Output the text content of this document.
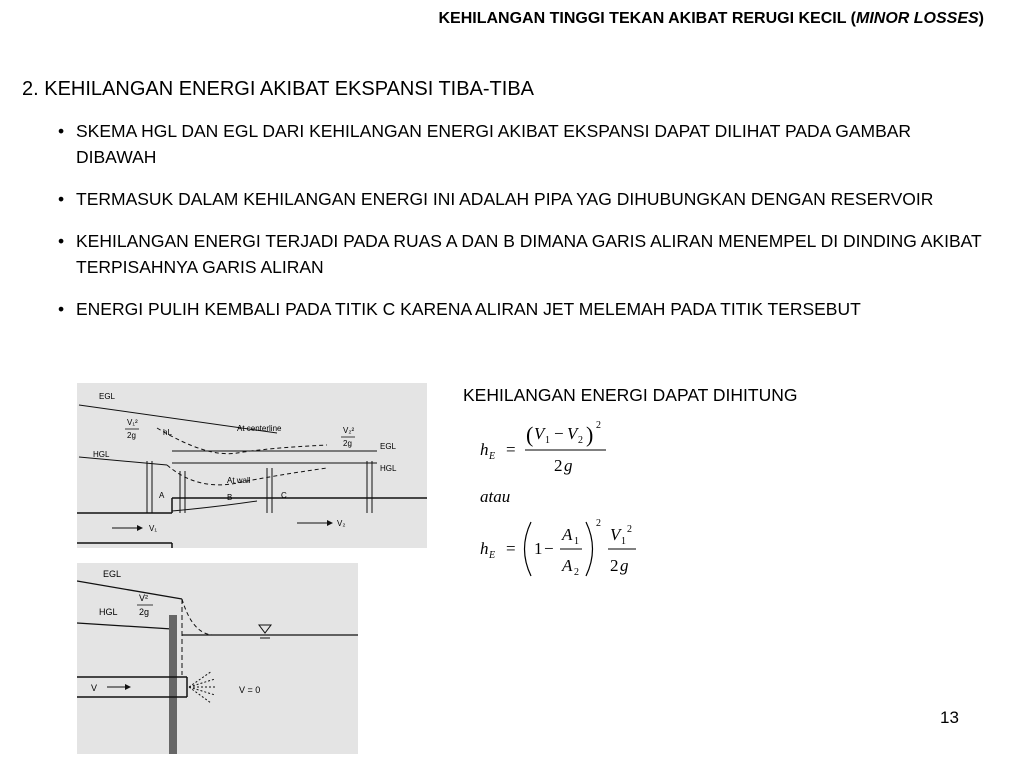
KEHILANGAN TINGGI TEKAN AKIBAT RERUGI KECIL (MINOR LOSSES)
2. KEHILANGAN ENERGI AKIBAT EKSPANSI TIBA-TIBA
• SKEMA HGL DAN EGL DARI KEHILANGAN ENERGI AKIBAT EKSPANSI DAPAT DILIHAT PADA GAMBAR DIBAWAH
• TERMASUK DALAM KEHILANGAN ENERGI INI ADALAH PIPA YAG DIHUBUNGKAN DENGAN RESERVOIR
• KEHILANGAN ENERGI TERJADI PADA RUAS A DAN B DIMANA GARIS ALIRAN MENEMPEL DI DINDING AKIBAT TERPISAHNYA GARIS ALIRAN
• ENERGI PULIH KEMBALI PADA TITIK C KARENA ALIRAN JET MELEMAH PADA TITIK TERSEBUT
EGL
HGL
V₁²
2g	hL	At centerline
At wall
V₂²
2g	EGL
HGL
A	B	C
V₁
V₂
EGL
HGL
V²
2g
V	V = 0
KEHILANGAN ENERGI DAPAT DIHITUNG
h E =
( V 1 − V 2 ) 2
2 g
atau
h E = 1 −
A 1
A 2
2
V 1
2
2 g
13
